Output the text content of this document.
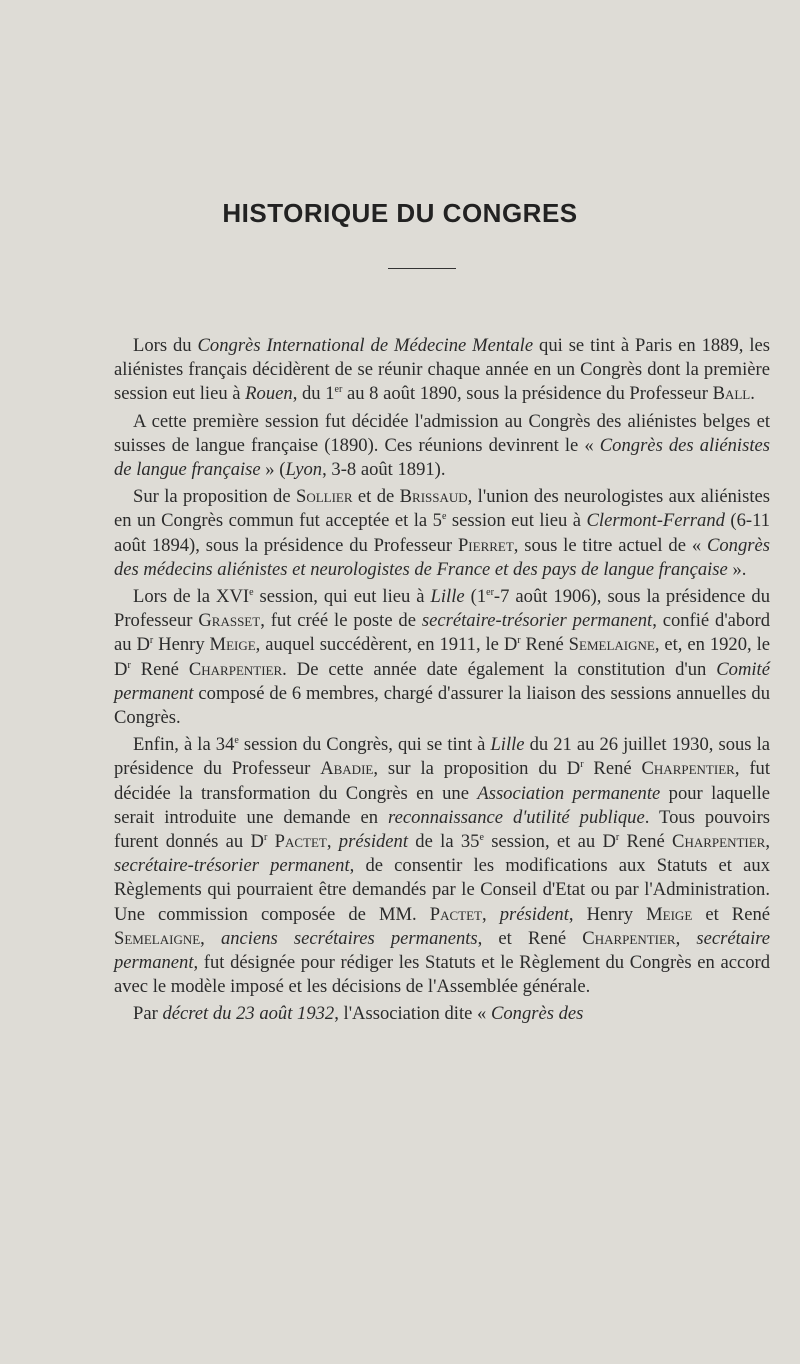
HISTORIQUE DU CONGRES

Lors du Congrès International de Médecine Mentale qui se tint à Paris en 1889, les aliénistes français décidèrent de se réunir chaque année en un Congrès dont la première session eut lieu à Rouen, du 1er au 8 août 1890, sous la présidence du Professeur Ball.

A cette première session fut décidée l'admission au Congrès des aliénistes belges et suisses de langue française (1890). Ces réunions devinrent le « Congrès des aliénistes de langue française » (Lyon, 3-8 août 1891).

Sur la proposition de Sollier et de Brissaud, l'union des neurologistes aux aliénistes en un Congrès commun fut acceptée et la 5e session eut lieu à Clermont-Ferrand (6-11 août 1894), sous la présidence du Professeur Pierret, sous le titre actuel de « Congrès des médecins aliénistes et neurologistes de France et des pays de langue française ».

Lors de la XVIe session, qui eut lieu à Lille (1er-7 août 1906), sous la présidence du Professeur Grasset, fut créé le poste de secrétaire-trésorier permanent, confié d'abord au $D^r$ Henry Meige, auquel succédèrent, en 1911, le $D^r$ René Semelaigne, et, en 1920, le $D^r$ René Charpentier. De cette année date également la constitution d'un Comité permanent composé de 6 membres, chargé d'assurer la liaison des sessions annuelles du Congrès.

Enfin, à la 34e session du Congrès, qui se tint à Lille du 21 au 26 juillet 1930, sous la présidence du Professeur Abadie, sur la proposition du $D^r$ René Charpentier, fut décidée la transformation du Congrès en une Association permanente pour laquelle serait introduite une demande en reconnaissance d'utilité publique. Tous pouvoirs furent donnés au $D^r$ Pactet, président de la 35e session, et au $D^r$ René Charpentier, secrétaire-trésorier permanent, de consentir les modifications aux Statuts et aux Règlements qui pourraient être demandés par le Conseil d'Etat ou par l'Administration. Une commission composée de MM. Pactet, président, Henry Meige et René Semelaigne, anciens secrétaires permanents, et René Charpentier, secrétaire permanent, fut désignée pour rédiger les Statuts et le Règlement du Congrès en accord avec le modèle imposé et les décisions de l'Assemblée générale.

Par décret du 23 août 1932, l'Association dite « Congrès des
